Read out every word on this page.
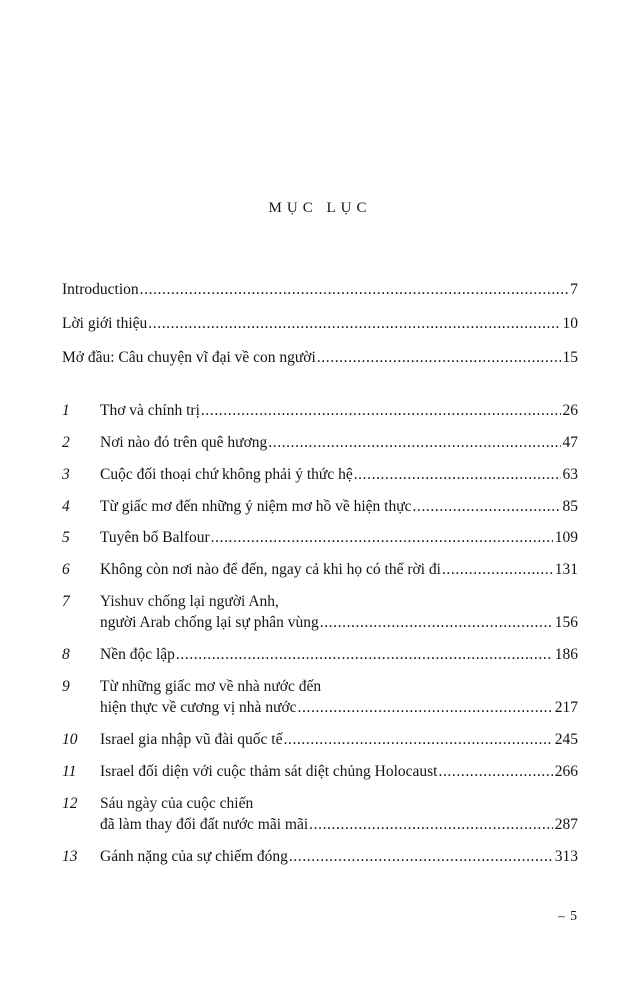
MỤC LỤC
Introduction .....	7
Lời giới thiệu .....	10
Mở đầu: Câu chuyện vĩ đại về con người .....	15
1	Thơ và chính trị .....	26
2	Nơi nào đó trên quê hương .....	47
3	Cuộc đối thoại chứ không phải ý thức hệ .....	63
4	Từ giấc mơ đến những ý niệm mơ hồ về hiện thực .....	85
5	Tuyên bố Balfour .....	109
6	Không còn nơi nào để đến, ngay cả khi họ có thể rời đi .....	131
7	Yishuv chống lại người Anh,
người Arab chống lại sự phân vùng .....	156
8	Nền độc lập .....	186
9	Từ những giấc mơ về nhà nước đến
hiện thực về cương vị nhà nước .....	217
10	Israel gia nhập vũ đài quốc tế .....	245
11	Israel đối diện với cuộc thảm sát diệt chủng Holocaust .....	266
12	Sáu ngày của cuộc chiến
đã làm thay đổi đất nước mãi mãi .....	287
13	Gánh nặng của sự chiếm đóng .....	313
– 5
